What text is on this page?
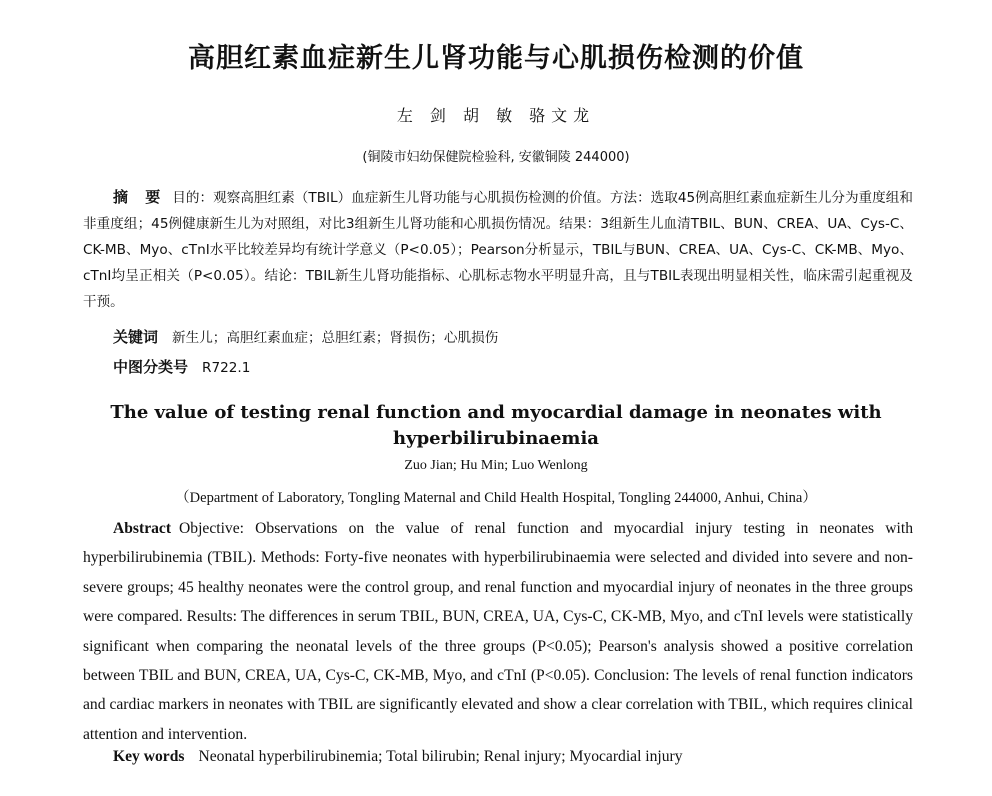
高胆红素血症新生儿肾功能与心肌损伤检测的价值
左 剑 胡 敏 骆文龙
(铜陵市妇幼保健院检验科, 安徽铜陵 244000)
摘 要 目的：观察高胆红素（TBIL）血症新生儿肾功能与心肌损伤检测的价值。方法：选取45例高胆红素血症新生儿分为重度组和非重度组；45例健康新生儿为对照组，对比3组新生儿肾功能和心肌损伤情况。结果：3组新生儿血清TBIL、BUN、CREA、UA、Cys-C、CK-MB、Myo、cTnI水平比较差异均有统计学意义（P<0.05）；Pearson分析显示，TBIL与BUN、CREA、UA、Cys-C、CK-MB、Myo、cTnI均呈正相关（P<0.05）。结论：TBIL新生儿肾功能指标、心肌标志物水平明显升高，且与TBIL表现出明显相关性，临床需引起重视及干预。
关键词 新生儿；高胆红素血症；总胆红素；肾损伤；心肌损伤
中图分类号 R722.1
The value of testing renal function and myocardial damage in neonates with hyperbilirubinaemia
Zuo Jian; Hu Min; Luo Wenlong
（Department of Laboratory, Tongling Maternal and Child Health Hospital, Tongling 244000, Anhui, China）
Abstract Objective: Observations on the value of renal function and myocardial injury testing in neonates with hyperbilirubinemia (TBIL). Methods: Forty-five neonates with hyperbilirubinaemia were selected and divided into severe and non-severe groups; 45 healthy neonates were the control group, and renal function and myocardial injury of neonates in the three groups were compared. Results: The differences in serum TBIL, BUN, CREA, UA, Cys-C, CK-MB, Myo, and cTnI levels were statistically significant when comparing the neonatal levels of the three groups (P<0.05); Pearson's analysis showed a positive correlation between TBIL and BUN, CREA, UA, Cys-C, CK-MB, Myo, and cTnI (P<0.05). Conclusion: The levels of renal function indicators and cardiac markers in neonates with TBIL are significantly elevated and show a clear correlation with TBIL, which requires clinical attention and intervention.
Key words Neonatal hyperbilirubinemia; Total bilirubin; Renal injury; Myocardial injury
